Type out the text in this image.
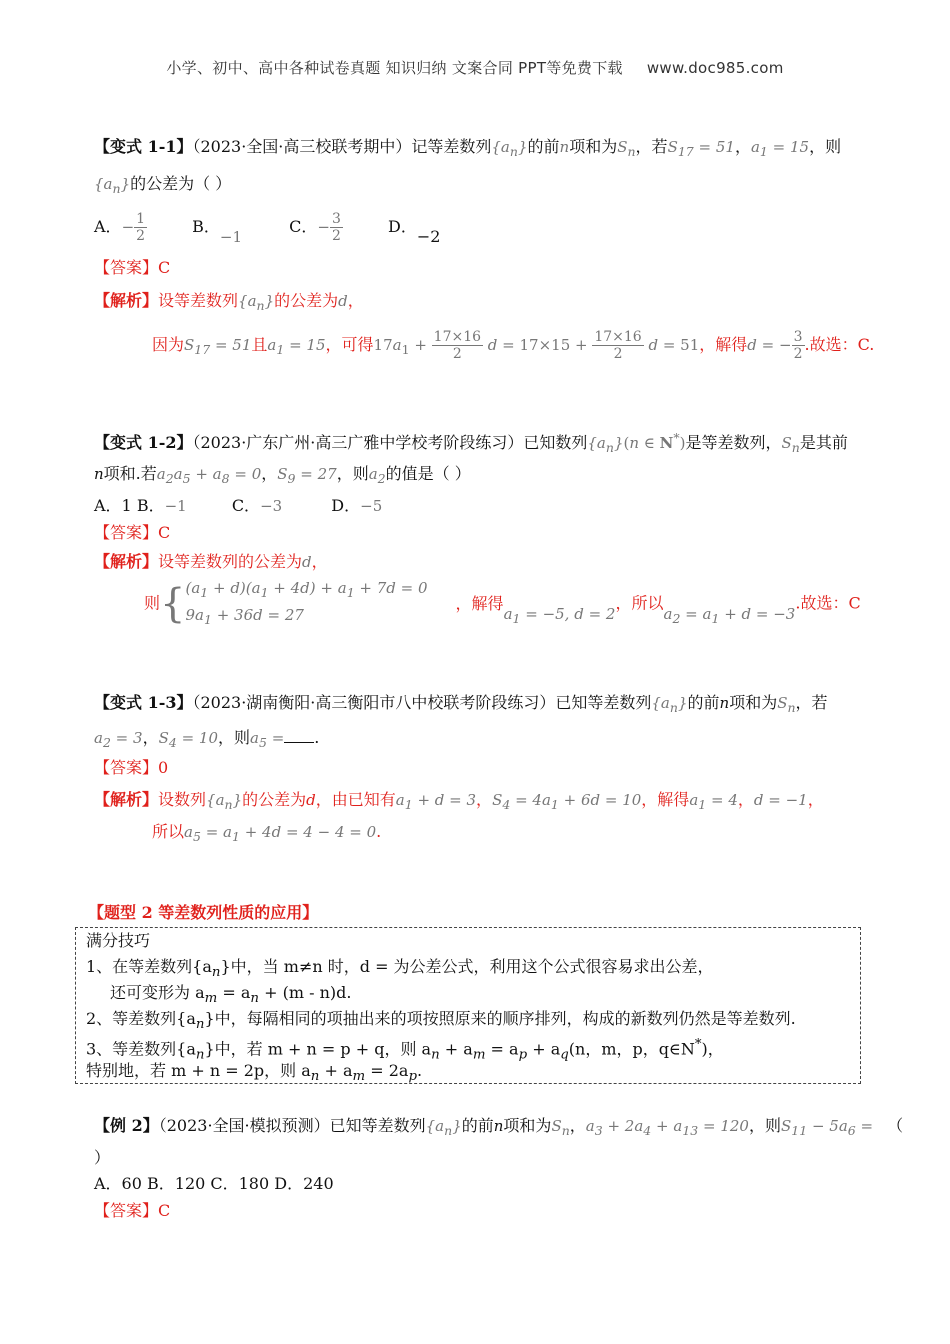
小学、初中、高中各种试卷真题 知识归纳 文案合同 PPT等免费下载 www.doc985.com
【变式 1-1】（2023·全国·高三校联考期中）记等差数列$\{a_n\}$的前n项和为$S_n$，若$S_{17} = 51$，$a_1 = 15$，则
$\{a_n\}$的公差为（ ）
A．− $\frac{1}{2}$	B．−1 C．− $\frac{3}{2}$	D．−2
【答案】C
【解析】设等差数列$\{a_n\}$的公差为d，
因为$S_{17} = 51$且$a_1 = 15$，可得$17a_1 + \frac{17\times 16}{2}$ $d = 17\times 15 + \frac{17\times 16}{2}$ d = 51，解得d = − $\frac{3}{2}$ .故选：C.
【变式 1-2】（2023·广东广州·高三广雅中学校考阶段练习）已知数列$\{a_n\}(n$ ∈ N*)是等差数列，$S_n$是其前
n项和.若$a_2a_5 + a_8 = 0$，$S_9 = 27$，则$a_2$的值是（ ）
A．1 B．−1	C．−3	D．−5
【答案】C
【解析】设等差数列的公差为d，
则{ $(a_1 + d)(a_1 + 4d) + a_1 + 7d = 0$
$9a_1 + 36d = 27$
，解得$a_1 = -5$, d = 2，所以$a_2 = a_1 + d = -3$.故选：C
【变式 1-3】（2023·湖南衡阳·高三衡阳市八中校联考阶段练习）已知等差数列$\{a_n\}$的前n项和为$S_n$，若
$a_2 = 3$，$S_4 = 10$，则$a_5$ = .
【答案】0
【解析】设数列$\{a_n\}$的公差为d，由已知有$a_1 + d = 3$，$S_4 = 4a_1 + 6d = 10$，解得$a_1 = 4$，d = −1，
所以$a_5 = a_1 + 4d = 4 - 4 = 0$.
【题型 2 等差数列性质的应用】
满分技巧
1、在等差数列$\{a_n\}$中，当 m≠n 时，d = 为公差公式，利用这个公式很容易求出公差，
还可变形为 $a_m = a_n + (m - n)d$.
2、等差数列$\{a_n\}$中，每隔相同的项抽出来的项按照原来的顺序排列，构成的新数列仍然是等差数列.
3、等差数列$\{a_n\}$中，若 m + n = p + q，则 $a_n + a_m = a_p + a_q(n$，m，p，q∈N*)，
特别地，若 m + n = 2p，则 $a_n + a_m = 2a_p$.
【例 2】（2023·全国·模拟预测）已知等差数列$\{a_n\}$的前n项和为$S_n$，$a_3 + 2a_4 + a_{13} = 120$，则$S_{11} - 5a_6$ = （
）
A．60 B．120 C．180 D．240
【答案】C
